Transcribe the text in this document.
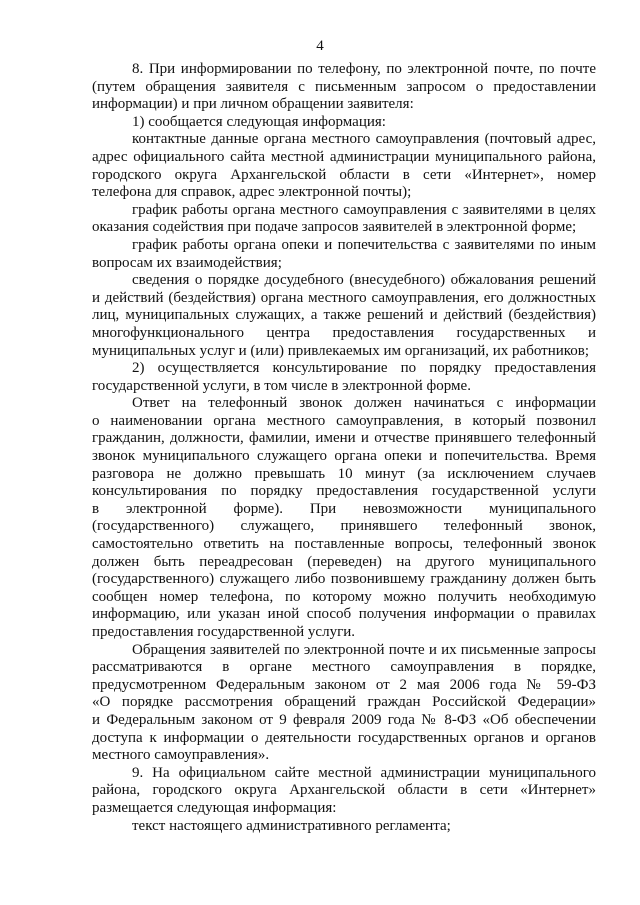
4
8. При информировании по телефону, по электронной почте, по почте
(путем обращения заявителя с письменным запросом о предоставлении
информации) и при личном обращении заявителя:
1) сообщается следующая информация:
контактные данные органа местного самоуправления (почтовый адрес,
адрес официального сайта местной администрации муниципального района,
городского округа Архангельской области в сети «Интернет», номер
телефона для справок, адрес электронной почты);
график работы органа местного самоуправления с заявителями в целях
оказания содействия при подаче запросов заявителей в электронной форме;
график работы органа опеки и попечительства с заявителями по иным
вопросам их взаимодействия;
сведения о порядке досудебного (внесудебного) обжалования решений
и действий (бездействия) органа местного самоуправления, его должностных
лиц, муниципальных служащих, а также решений и действий (бездействия)
многофункционального центра предоставления государственных и
муниципальных услуг и (или) привлекаемых им организаций, их работников;
2) осуществляется консультирование по порядку предоставления
государственной услуги, в том числе в электронной форме.
Ответ на телефонный звонок должен начинаться с информации
о наименовании органа местного самоуправления, в который позвонил
гражданин, должности, фамилии, имени и отчестве принявшего телефонный
звонок муниципального служащего органа опеки и попечительства. Время
разговора не должно превышать 10 минут (за исключением случаев
консультирования по порядку предоставления государственной услуги
в электронной форме). При невозможности муниципального
(государственного) служащего, принявшего телефонный звонок,
самостоятельно ответить на поставленные вопросы, телефонный звонок
должен быть переадресован (переведен) на другого муниципального
(государственного) служащего либо позвонившему гражданину должен быть
сообщен номер телефона, по которому можно получить необходимую
информацию, или указан иной способ получения информации о правилах
предоставления государственной услуги.
Обращения заявителей по электронной почте и их письменные запросы
рассматриваются в органе местного самоуправления в порядке,
предусмотренном Федеральным законом от 2 мая 2006 года № 59-ФЗ
«О порядке рассмотрения обращений граждан Российской Федерации»
и Федеральным законом от 9 февраля 2009 года № 8-ФЗ «Об обеспечении
доступа к информации о деятельности государственных органов и органов
местного самоуправления».
9. На официальном сайте местной администрации муниципального
района, городского округа Архангельской области в сети «Интернет»
размещается следующая информация:
текст настоящего административного регламента;
